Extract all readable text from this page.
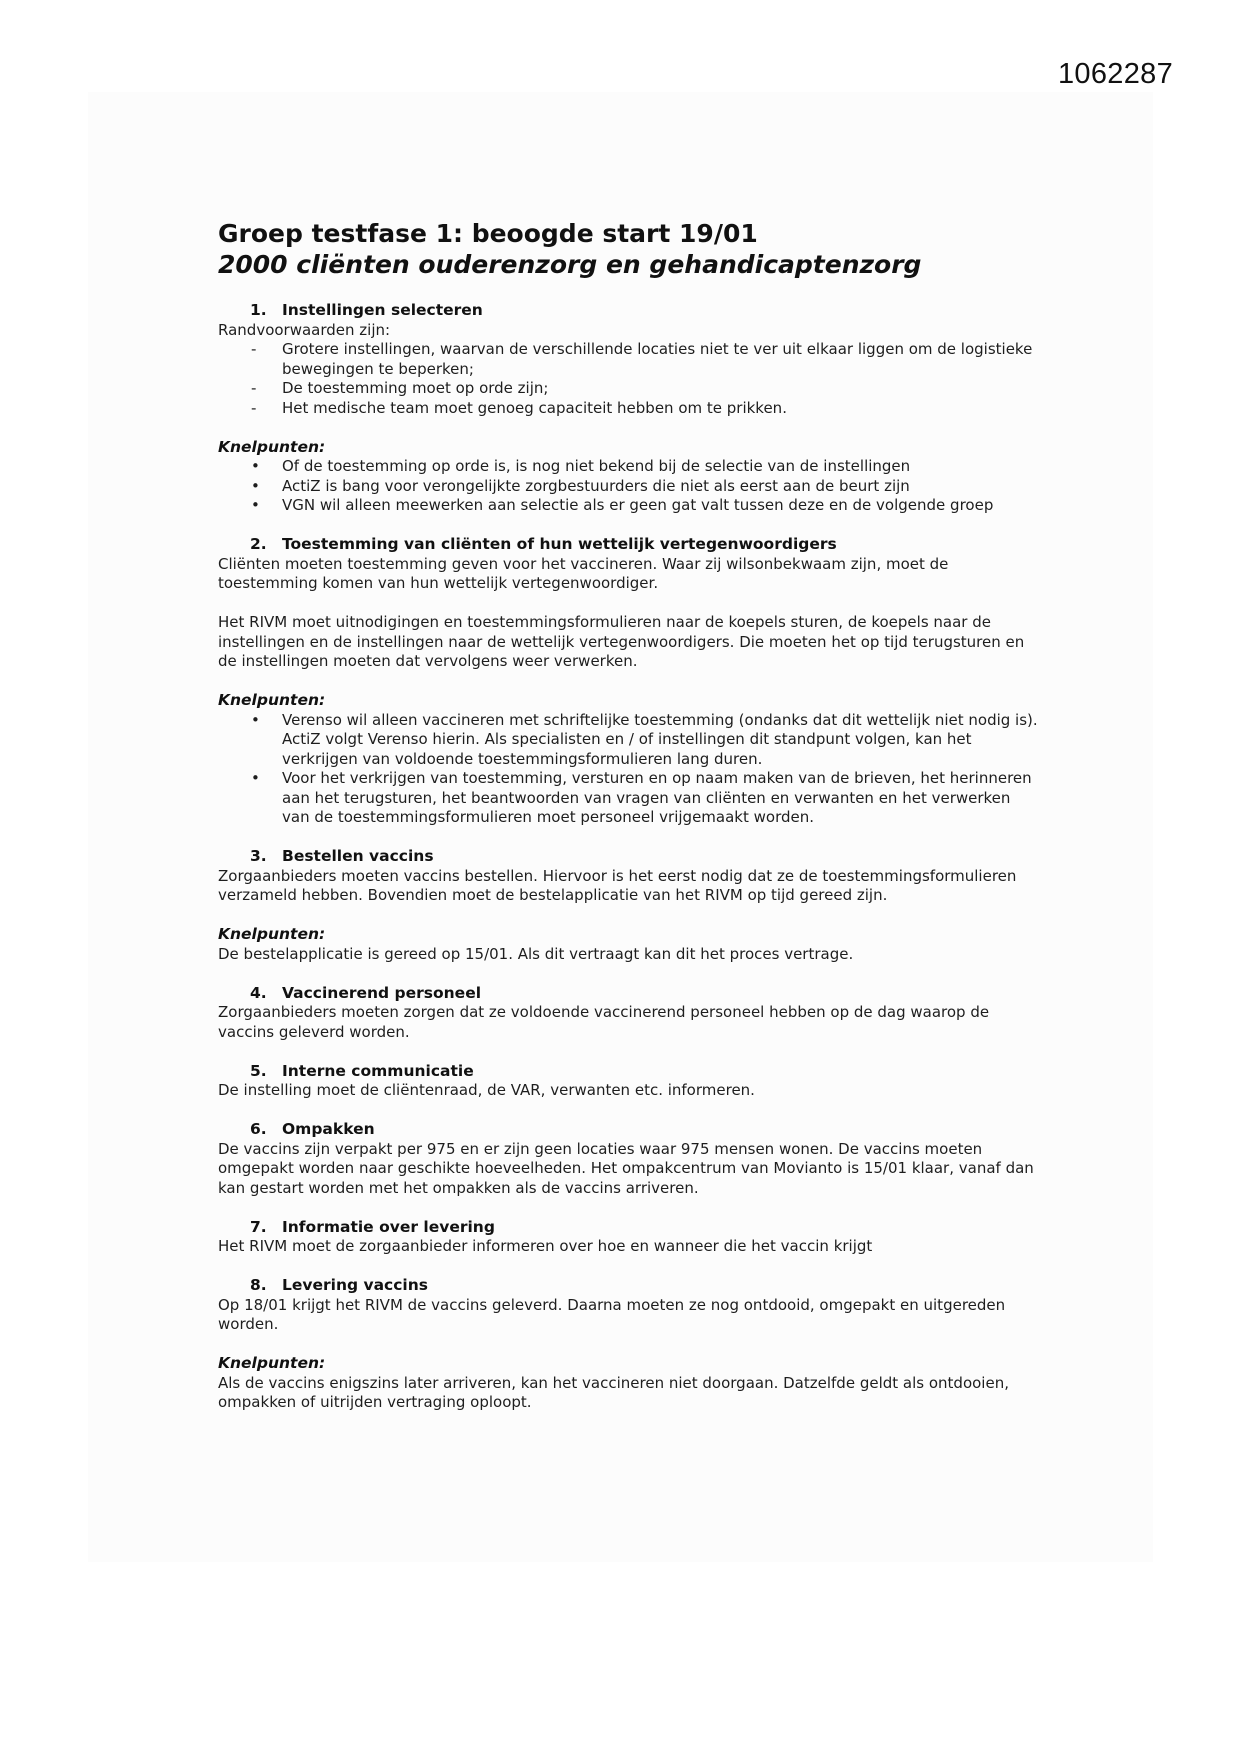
1062287
Groep testfase 1: beoogde start 19/01
2000 cliënten ouderenzorg en gehandicaptenzorg
1. Instellingen selecteren

Randvoorwaarden zijn:

-	Grotere instellingen, waarvan de verschillende locaties niet te ver uit elkaar liggen om de logistieke bewegingen te beperken;
-	De toestemming moet op orde zijn;
-	Het medische team moet genoeg capaciteit hebben om te prikken.

Knelpunten:

•	Of de toestemming op orde is, is nog niet bekend bij de selectie van de instellingen
•	ActiZ is bang voor verongelijkte zorgbestuurders die niet als eerst aan de beurt zijn
•	VGN wil alleen meewerken aan selectie als er geen gat valt tussen deze en de volgende groep
2. Toestemming van cliënten of hun wettelijk vertegenwoordigers

Cliënten moeten toestemming geven voor het vaccineren. Waar zij wilsonbekwaam zijn, moet de toestemming komen van hun wettelijk vertegenwoordiger.

Het RIVM moet uitnodigingen en toestemmingsformulieren naar de koepels sturen, de koepels naar de instellingen en de instellingen naar de wettelijk vertegenwoordigers. Die moeten het op tijd terugsturen en de instellingen moeten dat vervolgens weer verwerken.

Knelpunten:

•	Verenso wil alleen vaccineren met schriftelijke toestemming (ondanks dat dit wettelijk niet nodig is). ActiZ volgt Verenso hierin. Als specialisten en / of instellingen dit standpunt volgen, kan het verkrijgen van voldoende toestemmingsformulieren lang duren.
•	Voor het verkrijgen van toestemming, versturen en op naam maken van de brieven, het herinneren aan het terugsturen, het beantwoorden van vragen van cliënten en verwanten en het verwerken van de toestemmingsformulieren moet personeel vrijgemaakt worden.
3. Bestellen vaccins

Zorgaanbieders moeten vaccins bestellen. Hiervoor is het eerst nodig dat ze de toestemmingsformulieren verzameld hebben. Bovendien moet de bestelapplicatie van het RIVM op tijd gereed zijn.

Knelpunten:

De bestelapplicatie is gereed op 15/01. Als dit vertraagt kan dit het proces vertrage.

4. Vaccinerend personeel

Zorgaanbieders moeten zorgen dat ze voldoende vaccinerend personeel hebben op de dag waarop de vaccins geleverd worden.

5. Interne communicatie

De instelling moet de cliëntenraad, de VAR, verwanten etc. informeren.

6. Ompakken

De vaccins zijn verpakt per 975 en er zijn geen locaties waar 975 mensen wonen. De vaccins moeten omgepakt worden naar geschikte hoeveelheden. Het ompakcentrum van Movianto is 15/01 klaar, vanaf dan kan gestart worden met het ompakken als de vaccins arriveren.

7. Informatie over levering

Het RIVM moet de zorgaanbieder informeren over hoe en wanneer die het vaccin krijgt

8. Levering vaccins

Op 18/01 krijgt het RIVM de vaccins geleverd. Daarna moeten ze nog ontdooid, omgepakt en uitgereden worden.

Knelpunten:

Als de vaccins enigszins later arriveren, kan het vaccineren niet doorgaan. Datzelfde geldt als ontdooien, ompakken of uitrijden vertraging oploopt.
